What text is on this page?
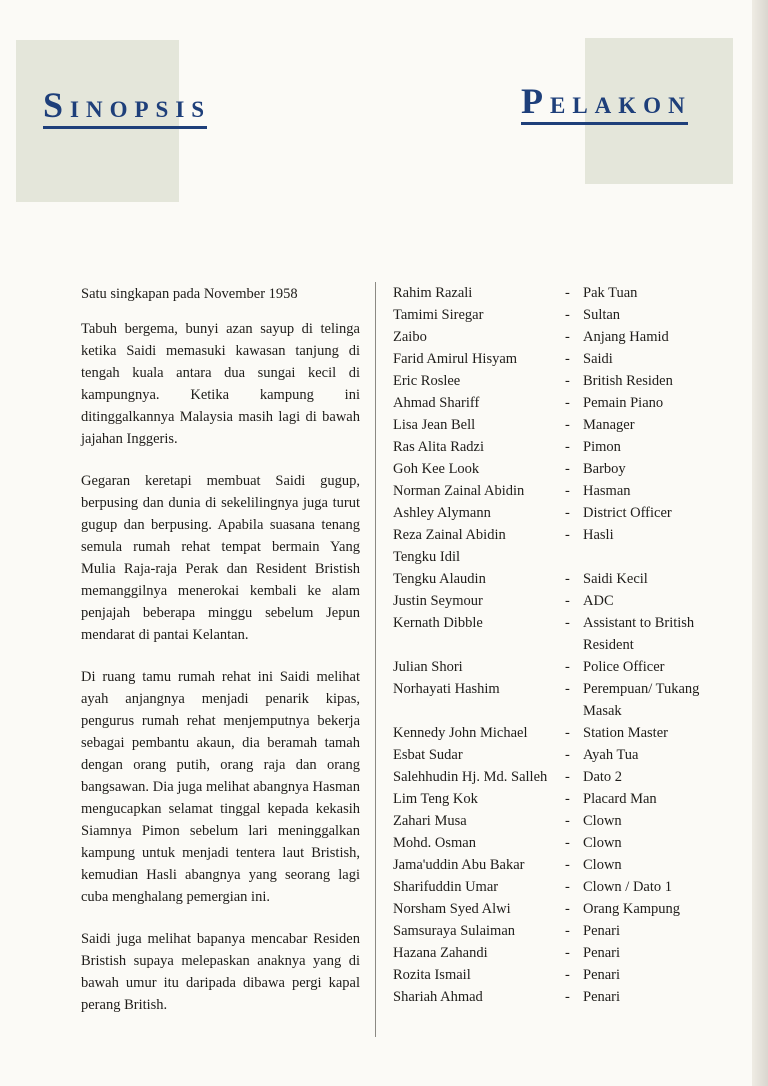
SINOPSIS	PELAKON

Satu singkapan pada November 1958

Tabuh bergema, bunyi azan sayup di telinga ketika Saidi memasuki kawasan tanjung di tengah kuala antara dua sungai kecil di kampungnya. Ketika kampung ini ditinggalkannya Malaysia masih lagi di bawah jajahan Inggeris.

Gegaran keretapi membuat Saidi gugup, berpusing dan dunia di sekelilingnya juga turut gugup dan berpusing. Apabila suasana tenang semula rumah rehat tempat bermain Yang Mulia Raja-raja Perak dan Resident Bristish memanggilnya menerokai kembali ke alam penjajah beberapa minggu sebelum Jepun mendarat di pantai Kelantan.

Di ruang tamu rumah rehat ini Saidi melihat ayah anjangnya menjadi penarik kipas, pengurus rumah rehat menjemputnya bekerja sebagai pembantu akaun, dia beramah tamah dengan orang putih, orang raja dan orang bangsawan. Dia juga melihat abangnya Hasman mengucapkan selamat tinggal kepada kekasih Siamnya Pimon sebelum lari meninggalkan kampung untuk menjadi tentera laut Bristish, kemudian Hasli abangnya yang seorang lagi cuba menghalang pemergian ini.

Saidi juga melihat bapanya mencabar Residen Bristish supaya melepaskan anaknya yang di bawah umur itu daripada dibawa pergi kapal perang British.

Rahim Razali	- Pak Tuan
Tamimi Siregar	- Sultan
Zaibo	- Anjang Hamid
Farid Amirul Hisyam	- Saidi
Eric Roslee	- British Residen
Ahmad Shariff	- Pemain Piano
Lisa Jean Bell	- Manager
Ras Alita Radzi	- Pimon
Goh Kee Look	- Barboy
Norman Zainal Abidin	- Hasman
Ashley Alymann	- District Officer
Reza Zainal Abidin	- Hasli
Tengku Idil
Tengku Alaudin	- Saidi Kecil
Justin Seymour	- ADC
Kernath Dibble	- Assistant to British Resident
Julian Shori	- Police Officer
Norhayati Hashim	- Perempuan/ Tukang Masak
Kennedy John Michael	- Station Master
Esbat Sudar	- Ayah Tua
Salehhudin Hj. Md. Salleh	- Dato 2
Lim Teng Kok	- Placard Man
Zahari Musa	- Clown
Mohd. Osman	- Clown
Jama'uddin Abu Bakar	- Clown
Sharifuddin Umar	- Clown / Dato 1
Norsham Syed Alwi	- Orang Kampung
Samsuraya Sulaiman	- Penari
Hazana Zahandi	- Penari
Rozita Ismail	- Penari
Shariah Ahmad	- Penari
